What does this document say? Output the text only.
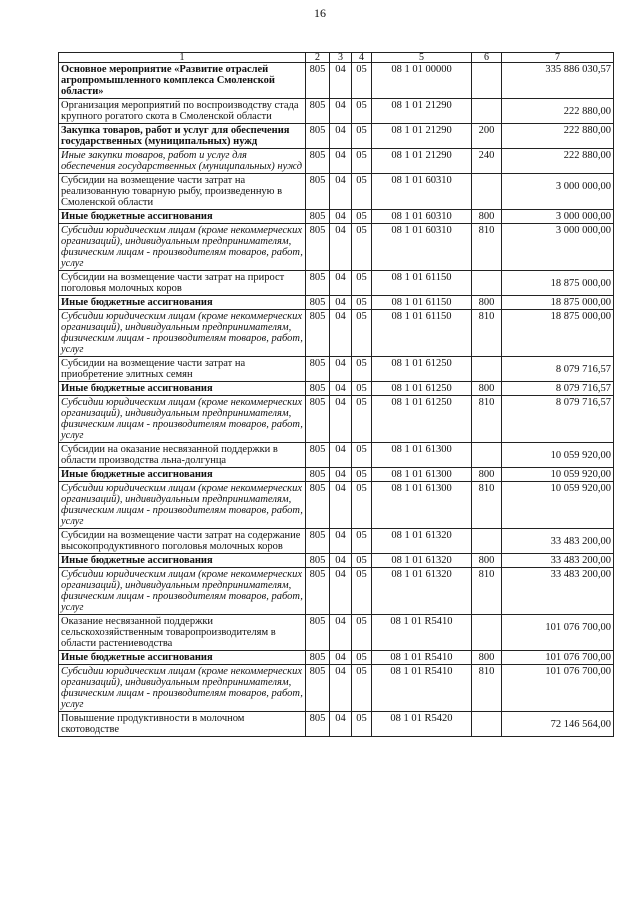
16
1	2	3	4	5	6	7
Основное мероприятие «Развитие отраслей агропромышленного комплекса Смоленской области»	805	04	05	08 1 01 00000		335 886 030,57
Организация мероприятий по воспроизводству стада крупного рогатого скота в Смоленской области	805	04	05	08 1 01 21290		222 880,00

Закупка товаров, работ и услуг для обеспечения государственных (муниципальных) нужд	805	04	05	08 1 01 21290	200	222 880,00
Иные закупки товаров, работ и услуг для обеспечения государственных (муниципальных) нужд	805	04	05	08 1 01 21290	240	222 880,00
Субсидии на возмещение части затрат на реализованную товарную рыбу, произведенную в Смоленской области	805	04	05	08 1 01 60310		3 000 000,00

Иные бюджетные ассигнования	805	04	05	08 1 01 60310	800	3 000 000,00
Субсидии юридическим лицам (кроме некоммерческих организаций), индивидуальным предпринимателям, физическим лицам - производителям товаров, работ, услуг	805	04	05	08 1 01 60310	810	3 000 000,00
Субсидии на возмещение части затрат на прирост поголовья молочных коров	805	04	05	08 1 01 61150		18 875 000,00

Иные бюджетные ассигнования	805	04	05	08 1 01 61150	800	18 875 000,00
Субсидии юридическим лицам (кроме некоммерческих организаций), индивидуальным предпринимателям, физическим лицам - производителям товаров, работ, услуг	805	04	05	08 1 01 61150	810	18 875 000,00
Субсидии на возмещение части затрат на приобретение элитных семян	805	04	05	08 1 01 61250		8 079 716,57

Иные бюджетные ассигнования	805	04	05	08 1 01 61250	800	8 079 716,57
Субсидии юридическим лицам (кроме некоммерческих организаций), индивидуальным предпринимателям, физическим лицам - производителям товаров, работ, услуг	805	04	05	08 1 01 61250	810	8 079 716,57
Субсидии на оказание несвязанной поддержки в области производства льна-долгунца	805	04	05	08 1 01 61300		10 059 920,00

Иные бюджетные ассигнования	805	04	05	08 1 01 61300	800	10 059 920,00
Субсидии юридическим лицам (кроме некоммерческих организаций), индивидуальным предпринимателям, физическим лицам - производителям товаров, работ, услуг	805	04	05	08 1 01 61300	810	10 059 920,00
Субсидии на возмещение части затрат на содержание высокопродуктивного поголовья молочных коров	805	04	05	08 1 01 61320		33 483 200,00

Иные бюджетные ассигнования	805	04	05	08 1 01 61320	800	33 483 200,00
Субсидии юридическим лицам (кроме некоммерческих организаций), индивидуальным предпринимателям, физическим лицам - производителям товаров, работ, услуг	805	04	05	08 1 01 61320	810	33 483 200,00
Оказание несвязанной поддержки сельскохозяйственным товаропроизводителям в области растениеводства	805	04	05	08 1 01 R5410		101 076 700,00

Иные бюджетные ассигнования	805	04	05	08 1 01 R5410	800	101 076 700,00
Субсидии юридическим лицам (кроме некоммерческих организаций), индивидуальным предпринимателям, физическим лицам - производителям товаров, работ, услуг	805	04	05	08 1 01 R5410	810	101 076 700,00
Повышение продуктивности в молочном скотоводстве	805	04	05	08 1 01 R5420		72 146 564,00
